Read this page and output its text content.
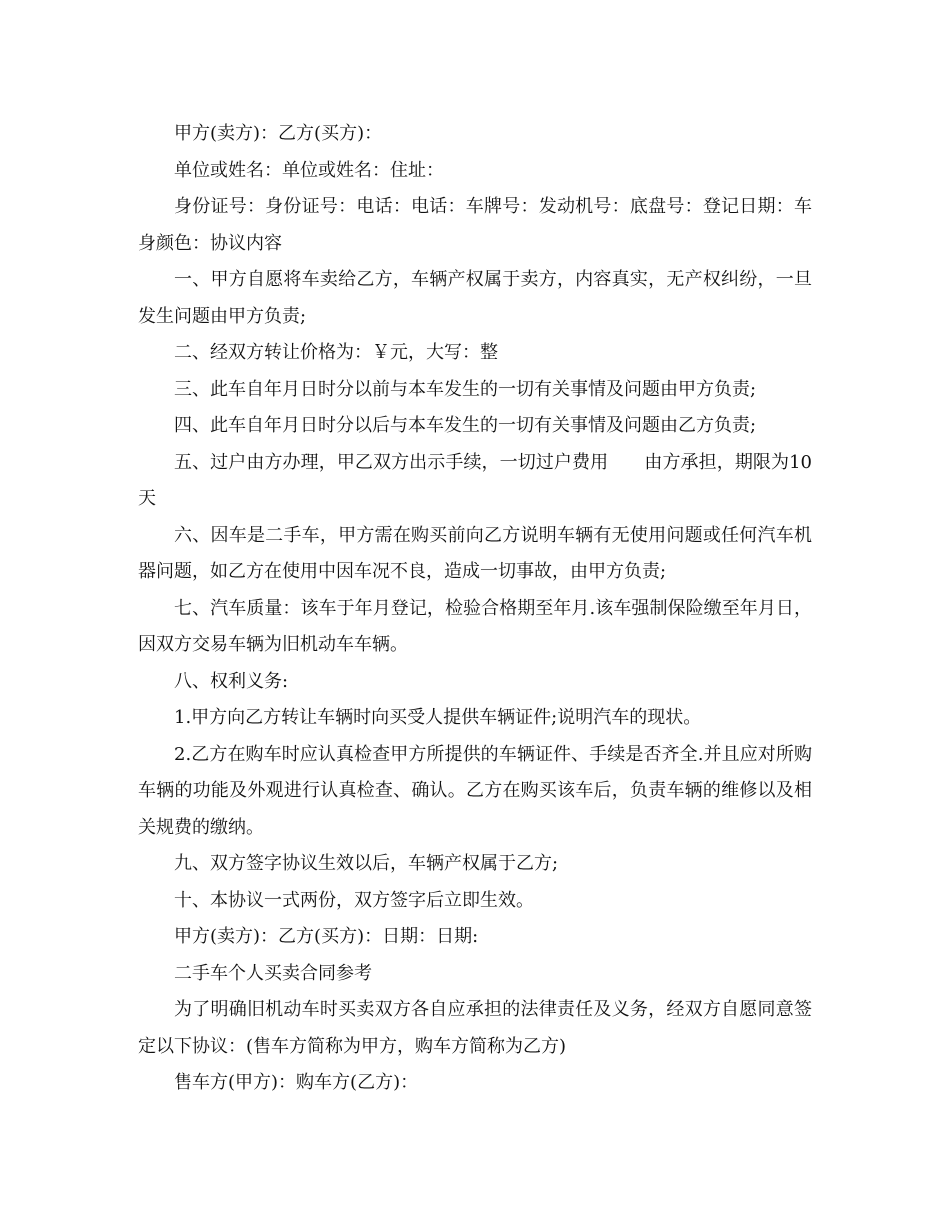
甲方(卖方)：乙方(买方)：

单位或姓名：单位或姓名：住址：

身份证号：身份证号：电话：电话：车牌号：发动机号：底盘号：登记日期：车身颜色：协议内容

一、甲方自愿将车卖给乙方，车辆产权属于卖方，内容真实，无产权纠纷，一旦发生问题由甲方负责;

二、经双方转让价格为：￥元，大写：整

三、此车自年月日时分以前与本车发生的一切有关事情及问题由甲方负责;

四、此车自年月日时分以后与本车发生的一切有关事情及问题由乙方负责;

五、过户由方办理，甲乙双方出示手续，一切过户费用　　由方承担，期限为10天

六、因车是二手车，甲方需在购买前向乙方说明车辆有无使用问题或任何汽车机器问题，如乙方在使用中因车况不良，造成一切事故，由甲方负责;

七、汽车质量：该车于年月登记，检验合格期至年月.该车强制保险缴至年月日，因双方交易车辆为旧机动车车辆。

八、权利义务:

1.甲方向乙方转让车辆时向买受人提供车辆证件;说明汽车的现状。

2.乙方在购车时应认真检查甲方所提供的车辆证件、手续是否齐全.并且应对所购车辆的功能及外观进行认真检查、确认。乙方在购买该车后，负责车辆的维修以及相关规费的缴纳。

九、双方签字协议生效以后，车辆产权属于乙方;

十、本协议一式两份，双方签字后立即生效。

甲方(卖方)：乙方(买方)：日期：日期:

二手车个人买卖合同参考

为了明确旧机动车时买卖双方各自应承担的法律责任及义务，经双方自愿同意签定以下协议：(售车方简称为甲方，购车方简称为乙方)

售车方(甲方)：购车方(乙方)：
